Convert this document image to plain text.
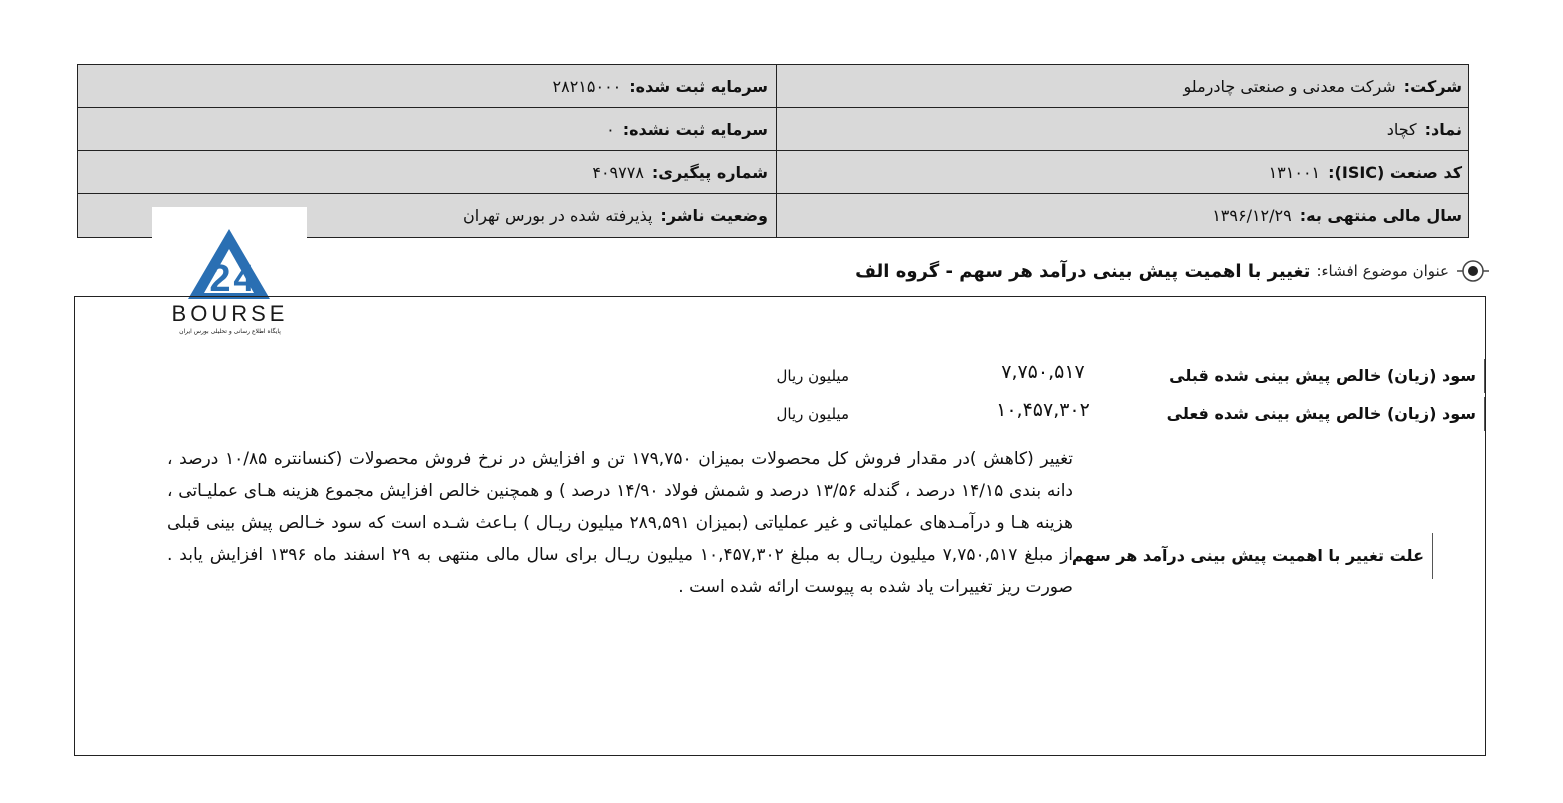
شرکت:
شرکت معدنی و صنعتی چادرملو
سرمایه ثبت شده:
۲۸۲۱۵۰۰۰
نماد:
کچاد
سرمایه ثبت نشده:
۰
کد صنعت (ISIC):
۱۳۱۰۰۱
شماره پیگیری:
۴۰۹۷۷۸
سال مالی منتهی به:
۱۳۹۶/۱۲/۲۹
وضعیت ناشر:
پذیرفته شده در بورس تهران
2 4
BOURSE
پایگاه اطلاع رسانی و تحلیلی بورس ایران
عنوان موضوع افشاء:
تغییر با اهمیت پیش بینی درآمد هر سهم - گروه الف
سود (زیان) خالص پیش بینی شده قبلی
۷,۷۵۰,۵۱۷
میلیون ریال
سود (زیان) خالص پیش بینی شده فعلی
۱۰,۴۵۷,۳۰۲
میلیون ریال
علت تغییر با اهمیت پیش بینی درآمد هر سهم
تغییر (کاهش )در مقدار فروش کل محصولات بمیزان ۱۷۹,۷۵۰ تن و افزایش در نرخ فروش محصولات (کنسانتره ۱۰/۸۵ درصد ، دانه بندی ۱۴/۱۵ درصد ، گندله ۱۳/۵۶ درصد و شمش فولاد ۱۴/۹۰ درصد ) و همچنین خالص افزایش مجموع هزینه هـای عملیـاتی ، هزینه هـا و درآمـدهای عملیاتی و غیر عملیاتی (بمیزان ۲۸۹,۵۹۱ میلیون ریـال ) بـاعث شـده است که سود خـالص پیش بینی قبلی از مبلغ ۷,۷۵۰,۵۱۷ میلیون ریـال به مبلغ ۱۰,۴۵۷,۳۰۲ میلیون ریـال برای سال مالی منتهی به ۲۹ اسفند ماه ۱۳۹۶ افزایش یابد . صورت ریز تغییرات یاد شده به پیوست ارائه شده است .
